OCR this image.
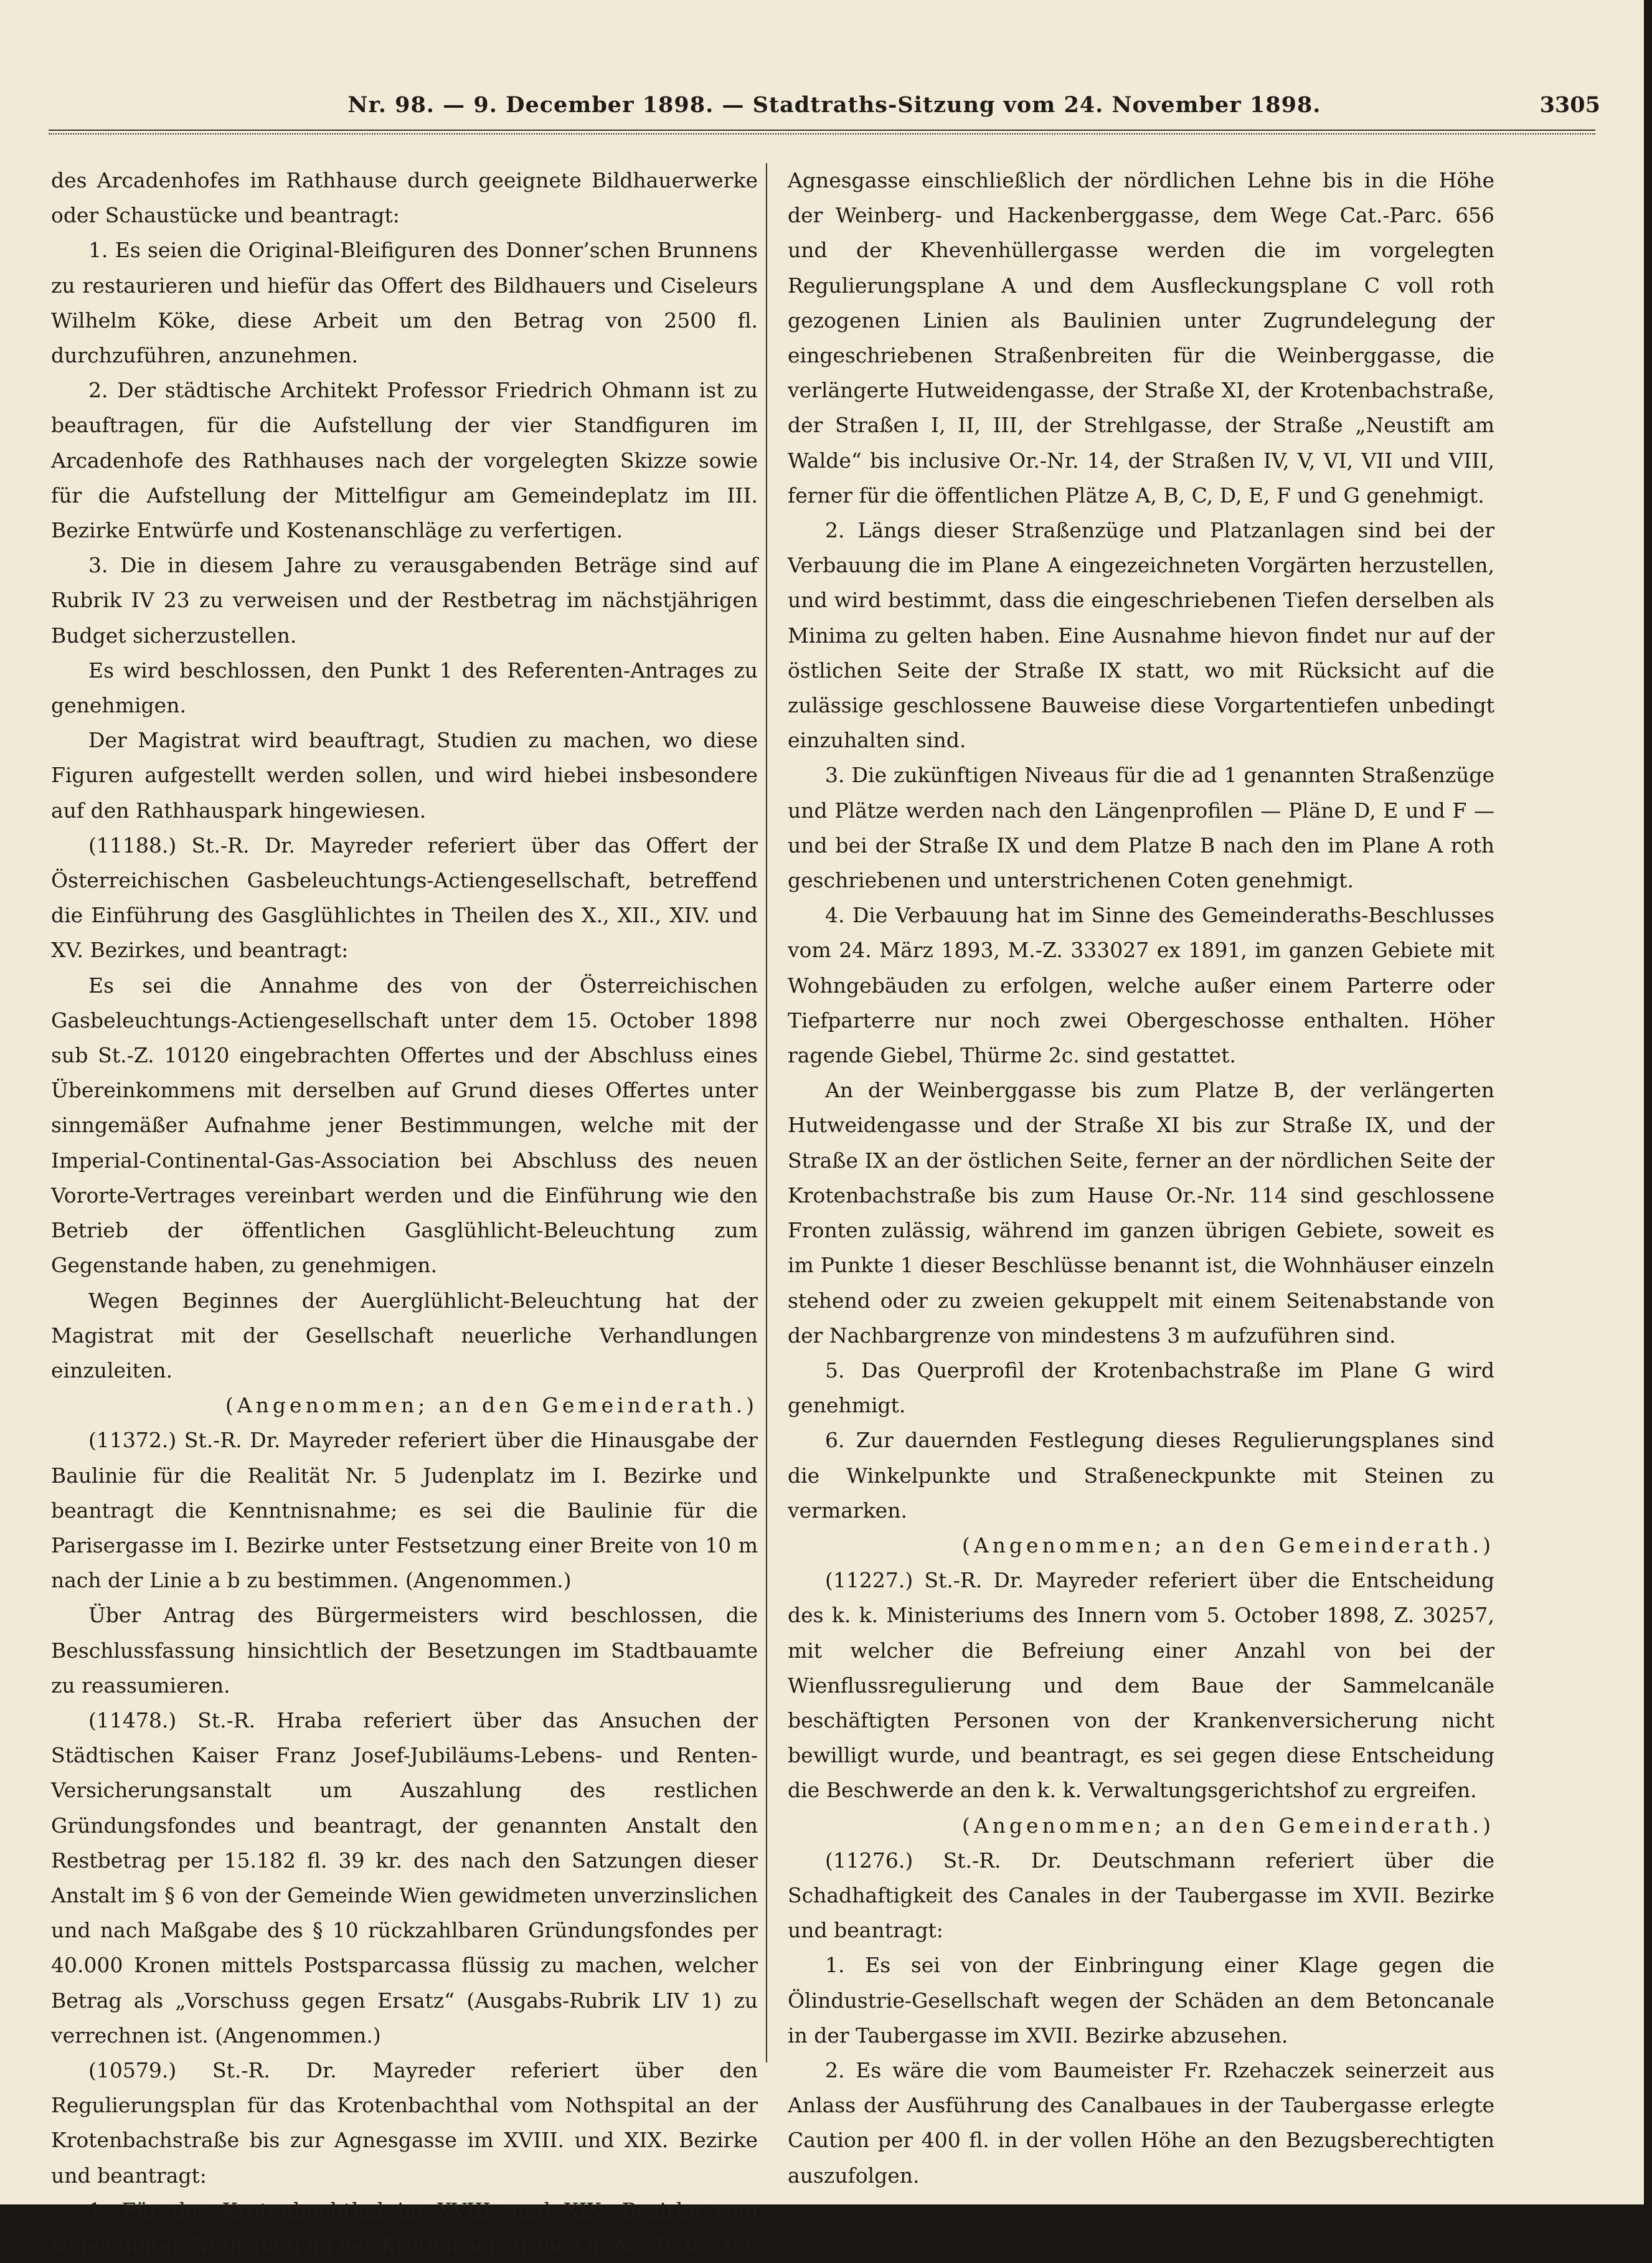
Nr. 98. — 9. December 1898. — Stadtraths-Sitzung vom 24. November 1898.	3305

des Arcadenhofes im Rathhause durch geeignete Bildhauerwerke oder Schaustücke und beantragt:

1. Es seien die Original-Bleifiguren des Donner’schen Brunnens zu restaurieren und hiefür das Offert des Bildhauers und Ciseleurs Wilhelm Köke, diese Arbeit um den Betrag von 2500 fl. durchzuführen, anzunehmen.

2. Der städtische Architekt Professor Friedrich Ohmann ist zu beauftragen, für die Aufstellung der vier Standfiguren im Arcadenhofe des Rathhauses nach der vorgelegten Skizze sowie für die Aufstellung der Mittelfigur am Gemeindeplatz im III. Bezirke Entwürfe und Kostenanschläge zu verfertigen.

3. Die in diesem Jahre zu verausgabenden Beträge sind auf Rubrik IV 23 zu verweisen und der Restbetrag im nächstjährigen Budget sicherzustellen.

Es wird beschlossen, den Punkt 1 des Referenten-Antrages zu genehmigen.

Der Magistrat wird beauftragt, Studien zu machen, wo diese Figuren aufgestellt werden sollen, und wird hiebei insbesondere auf den Rathhauspark hingewiesen.

(11188.) St.-R. Dr. Mayreder referiert über das Offert der Österreichischen Gasbeleuchtungs-Actiengesellschaft, betreffend die Einführung des Gasglühlichtes in Theilen des X., XII., XIV. und XV. Bezirkes, und beantragt:

Es sei die Annahme des von der Österreichischen Gasbeleuchtungs-Actiengesellschaft unter dem 15. October 1898 sub St.-Z. 10120 eingebrachten Offertes und der Abschluss eines Übereinkommens mit derselben auf Grund dieses Offertes unter sinngemäßer Aufnahme jener Bestimmungen, welche mit der Imperial-Continental-Gas-Association bei Abschluss des neuen Vororte-Vertrages vereinbart werden und die Einführung wie den Betrieb der öffentlichen Gasglühlicht-Beleuchtung zum Gegenstande haben, zu genehmigen.

Wegen Beginnes der Auerglühlicht-Beleuchtung hat der Magistrat mit der Gesellschaft neuerliche Verhandlungen einzuleiten.

(Angenommen; an den Gemeinderath.)

(11372.) St.-R. Dr. Mayreder referiert über die Hinausgabe der Baulinie für die Realität Nr. 5 Judenplatz im I. Bezirke und beantragt die Kenntnisnahme; es sei die Baulinie für die Parisergasse im I. Bezirke unter Festsetzung einer Breite von 10 m nach der Linie a b zu bestimmen. (Angenommen.)

Über Antrag des Bürgermeisters wird beschlossen, die Beschlussfassung hinsichtlich der Besetzungen im Stadtbauamte zu reassumieren.

(11478.) St.-R. Hraba referiert über das Ansuchen der Städtischen Kaiser Franz Josef-Jubiläums-Lebens- und Renten-Versicherungsanstalt um Auszahlung des restlichen Gründungsfondes und beantragt, der genannten Anstalt den Restbetrag per 15.182 fl. 39 kr. des nach den Satzungen dieser Anstalt im § 6 von der Gemeinde Wien gewidmeten unverzinslichen und nach Maßgabe des § 10 rückzahlbaren Gründungsfondes per 40.000 Kronen mittels Postsparcassa flüssig zu machen, welcher Betrag als „Vorschuss gegen Ersatz“ (Ausgabs-Rubrik LIV 1) zu verrechnen ist. (Angenommen.)

(10579.) St.-R. Dr. Mayreder referiert über den Regulierungsplan für das Krotenbachthal vom Nothspital an der Krotenbachstraße bis zur Agnesgasse im XVIII. und XIX. Bezirke und beantragt:

1. Für das Krotenbachthal im XVIII. und XIX. Bezirke vom sogenannten Nothspital an der Krotenbachstraße Or.-Nr. 76 bis zur

Agnesgasse einschließlich der nördlichen Lehne bis in die Höhe der Weinberg- und Hackenberggasse, dem Wege Cat.-Parc. 656 und der Khevenhüllergasse werden die im vorgelegten Regulierungsplane A und dem Ausfleckungsplane C voll roth gezogenen Linien als Baulinien unter Zugrundelegung der eingeschriebenen Straßenbreiten für die Weinberggasse, die verlängerte Hutweidengasse, der Straße XI, der Krotenbachstraße, der Straßen I, II, III, der Strehlgasse, der Straße „Neustift am Walde“ bis inclusive Or.-Nr. 14, der Straßen IV, V, VI, VII und VIII, ferner für die öffentlichen Plätze A, B, C, D, E, F und G genehmigt.

2. Längs dieser Straßenzüge und Platzanlagen sind bei der Verbauung die im Plane A eingezeichneten Vorgärten herzustellen, und wird bestimmt, dass die eingeschriebenen Tiefen derselben als Minima zu gelten haben. Eine Ausnahme hievon findet nur auf der östlichen Seite der Straße IX statt, wo mit Rücksicht auf die zulässige geschlossene Bauweise diese Vorgartentiefen unbedingt einzuhalten sind.

3. Die zukünftigen Niveaus für die ad 1 genannten Straßenzüge und Plätze werden nach den Längenprofilen — Pläne D, E und F — und bei der Straße IX und dem Platze B nach den im Plane A roth geschriebenen und unterstrichenen Coten genehmigt.

4. Die Verbauung hat im Sinne des Gemeinderaths-Beschlusses vom 24. März 1893, M.-Z. 333027 ex 1891, im ganzen Gebiete mit Wohngebäuden zu erfolgen, welche außer einem Parterre oder Tiefparterre nur noch zwei Obergeschosse enthalten. Höher ragende Giebel, Thürme 2c. sind gestattet.

An der Weinberggasse bis zum Platze B, der verlängerten Hutweidengasse und der Straße XI bis zur Straße IX, und der Straße IX an der östlichen Seite, ferner an der nördlichen Seite der Krotenbachstraße bis zum Hause Or.-Nr. 114 sind geschlossene Fronten zulässig, während im ganzen übrigen Gebiete, soweit es im Punkte 1 dieser Beschlüsse benannt ist, die Wohnhäuser einzeln stehend oder zu zweien gekuppelt mit einem Seitenabstande von der Nachbargrenze von mindestens 3 m aufzuführen sind.

5. Das Querprofil der Krotenbachstraße im Plane G wird genehmigt.

6. Zur dauernden Festlegung dieses Regulierungsplanes sind die Winkelpunkte und Straßeneckpunkte mit Steinen zu vermarken.

(Angenommen; an den Gemeinderath.)

(11227.) St.-R. Dr. Mayreder referiert über die Entscheidung des k. k. Ministeriums des Innern vom 5. October 1898, Z. 30257, mit welcher die Befreiung einer Anzahl von bei der Wienflussregulierung und dem Baue der Sammelcanäle beschäftigten Personen von der Krankenversicherung nicht bewilligt wurde, und beantragt, es sei gegen diese Entscheidung die Beschwerde an den k. k. Verwaltungsgerichtshof zu ergreifen.

(Angenommen; an den Gemeinderath.)

(11276.) St.-R. Dr. Deutschmann referiert über die Schadhaftigkeit des Canales in der Taubergasse im XVII. Bezirke und beantragt:

1. Es sei von der Einbringung einer Klage gegen die Ölindustrie-Gesellschaft wegen der Schäden an dem Betoncanale in der Taubergasse im XVII. Bezirke abzusehen.

2. Es wäre die vom Baumeister Fr. Rzehaczek seinerzeit aus Anlass der Ausführung des Canalbaues in der Taubergasse erlegte Caution per 400 fl. in der vollen Höhe an den Bezugsberechtigten auszufolgen.
